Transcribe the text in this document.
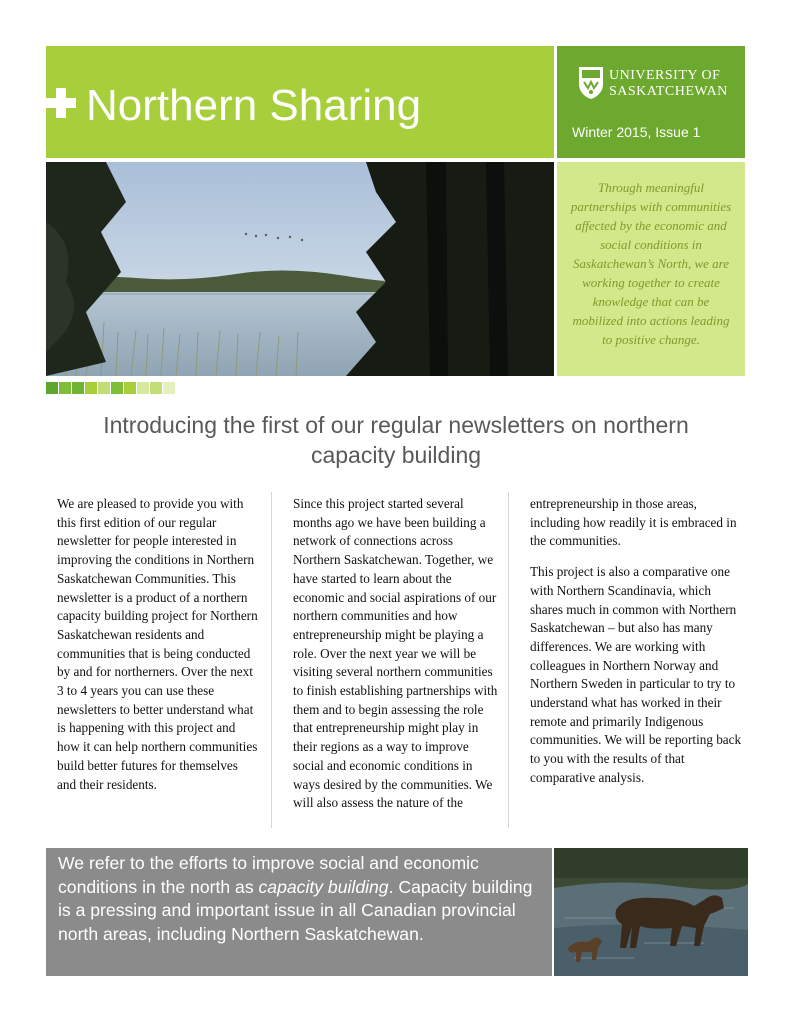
Northern Sharing
UNIVERSITY OF
SASKATCHEWAN
Winter 2015, Issue 1
Through meaningful partnerships with communities affected by the economic and social conditions in Saskatchewan’s North, we are working together to create knowledge that can be mobilized into actions leading to positive change.
Introducing the first of our regular newsletters on northern capacity building

We are pleased to provide you with this first edition of our regular newsletter for people interested in improving the conditions in Northern Saskatchewan Communities. This newsletter is a product of a northern capacity building project for Northern Saskatchewan residents and communities that is being conducted by and for northerners. Over the next 3 to 4 years you can use these newsletters to better understand what is happening with this project and how it can help northern communities build better futures for themselves and their residents.

Since this project started several months ago we have been building a network of connections across Northern Saskatchewan. Together, we have started to learn about the economic and social aspirations of our northern communities and how entrepreneurship might be playing a role. Over the next year we will be visiting several northern communities to finish establishing partnerships with them and to begin assessing the role that entrepreneurship might play in their regions as a way to improve social and economic conditions in ways desired by the communities. We will also assess the nature of the

entrepreneurship in those areas, including how readily it is embraced in the communities.

This project is also a comparative one with Northern Scandinavia, which shares much in common with Northern Saskatchewan – but also has many differences. We are working with colleagues in Northern Norway and Northern Sweden in particular to try to understand what has worked in their remote and primarily Indigenous communities. We will be reporting back to you with the results of that comparative analysis.

We refer to the efforts to improve social and economic conditions in the north as capacity building. Capacity building is a pressing and important issue in all Canadian provincial north areas, including Northern Saskatchewan.
